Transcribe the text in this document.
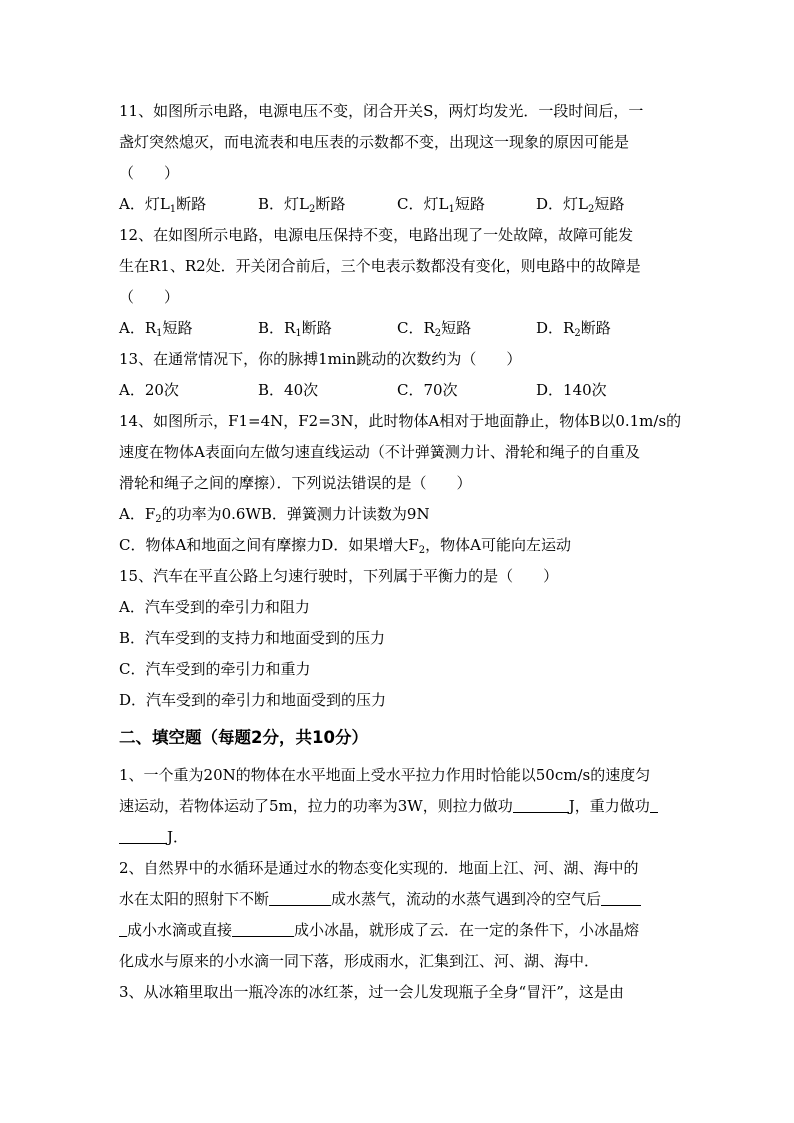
11、如图所示电路，电源电压不变，闭合开关S，两灯均发光．一段时间后，一
盏灯突然熄灭，而电流表和电压表的示数都不变，出现这一现象的原因可能是
（　　）
A．灯$L_1$断路	B．灯$L_2$断路	C．灯$L_1$短路	D．灯$L_2$短路
12、在如图所示电路，电源电压保持不变，电路出现了一处故障，故障可能发
生在R1、R2处．开关闭合前后，三个电表示数都没有变化，则电路中的故障是
（　　）
A．$R_1$短路	B．$R_1$断路	C．$R_2$短路	D．$R_2$断路
13、在通常情况下，你的脉搏1min跳动的次数约为（　　）
A．20次	B．40次	C．70次	D．140次
14、如图所示，F1=4N，F2=3N，此时物体A相对于地面静止，物体B以0.1m/s的
速度在物体A表面向左做匀速直线运动（不计弹簧测力计、滑轮和绳子的自重及
滑轮和绳子之间的摩擦）．下列说法错误的是（　　）
A．$F_2$的功率为0.6WB．弹簧测力计读数为9N
C．物体A和地面之间有摩擦力D．如果增大$F_2$，物体A可能向左运动
15、汽车在平直公路上匀速行驶时，下列属于平衡力的是（　　）
A．汽车受到的牵引力和阻力
B．汽车受到的支持力和地面受到的压力
C．汽车受到的牵引力和重力
D．汽车受到的牵引力和地面受到的压力
二、填空题（每题2分，共10分）
1、一个重为20N的物体在水平地面上受水平拉力作用时恰能以50cm/s的速度匀
速运动，若物体运动了5m，拉力的功率为3W，则拉力做功	J，重力做功
J．
2、自然界中的水循环是通过水的物态变化实现的．地面上江、河、湖、海中的
水在太阳的照射下不断	成水蒸气，流动的水蒸气遇到冷的空气后
成小水滴或直接	成小冰晶，就形成了云．在一定的条件下，小冰晶熔
化成水与原来的小水滴一同下落，形成雨水，汇集到江、河、湖、海中．
3、从冰箱里取出一瓶冷冻的冰红茶，过一会儿发现瓶子全身“冒汗”，这是由
